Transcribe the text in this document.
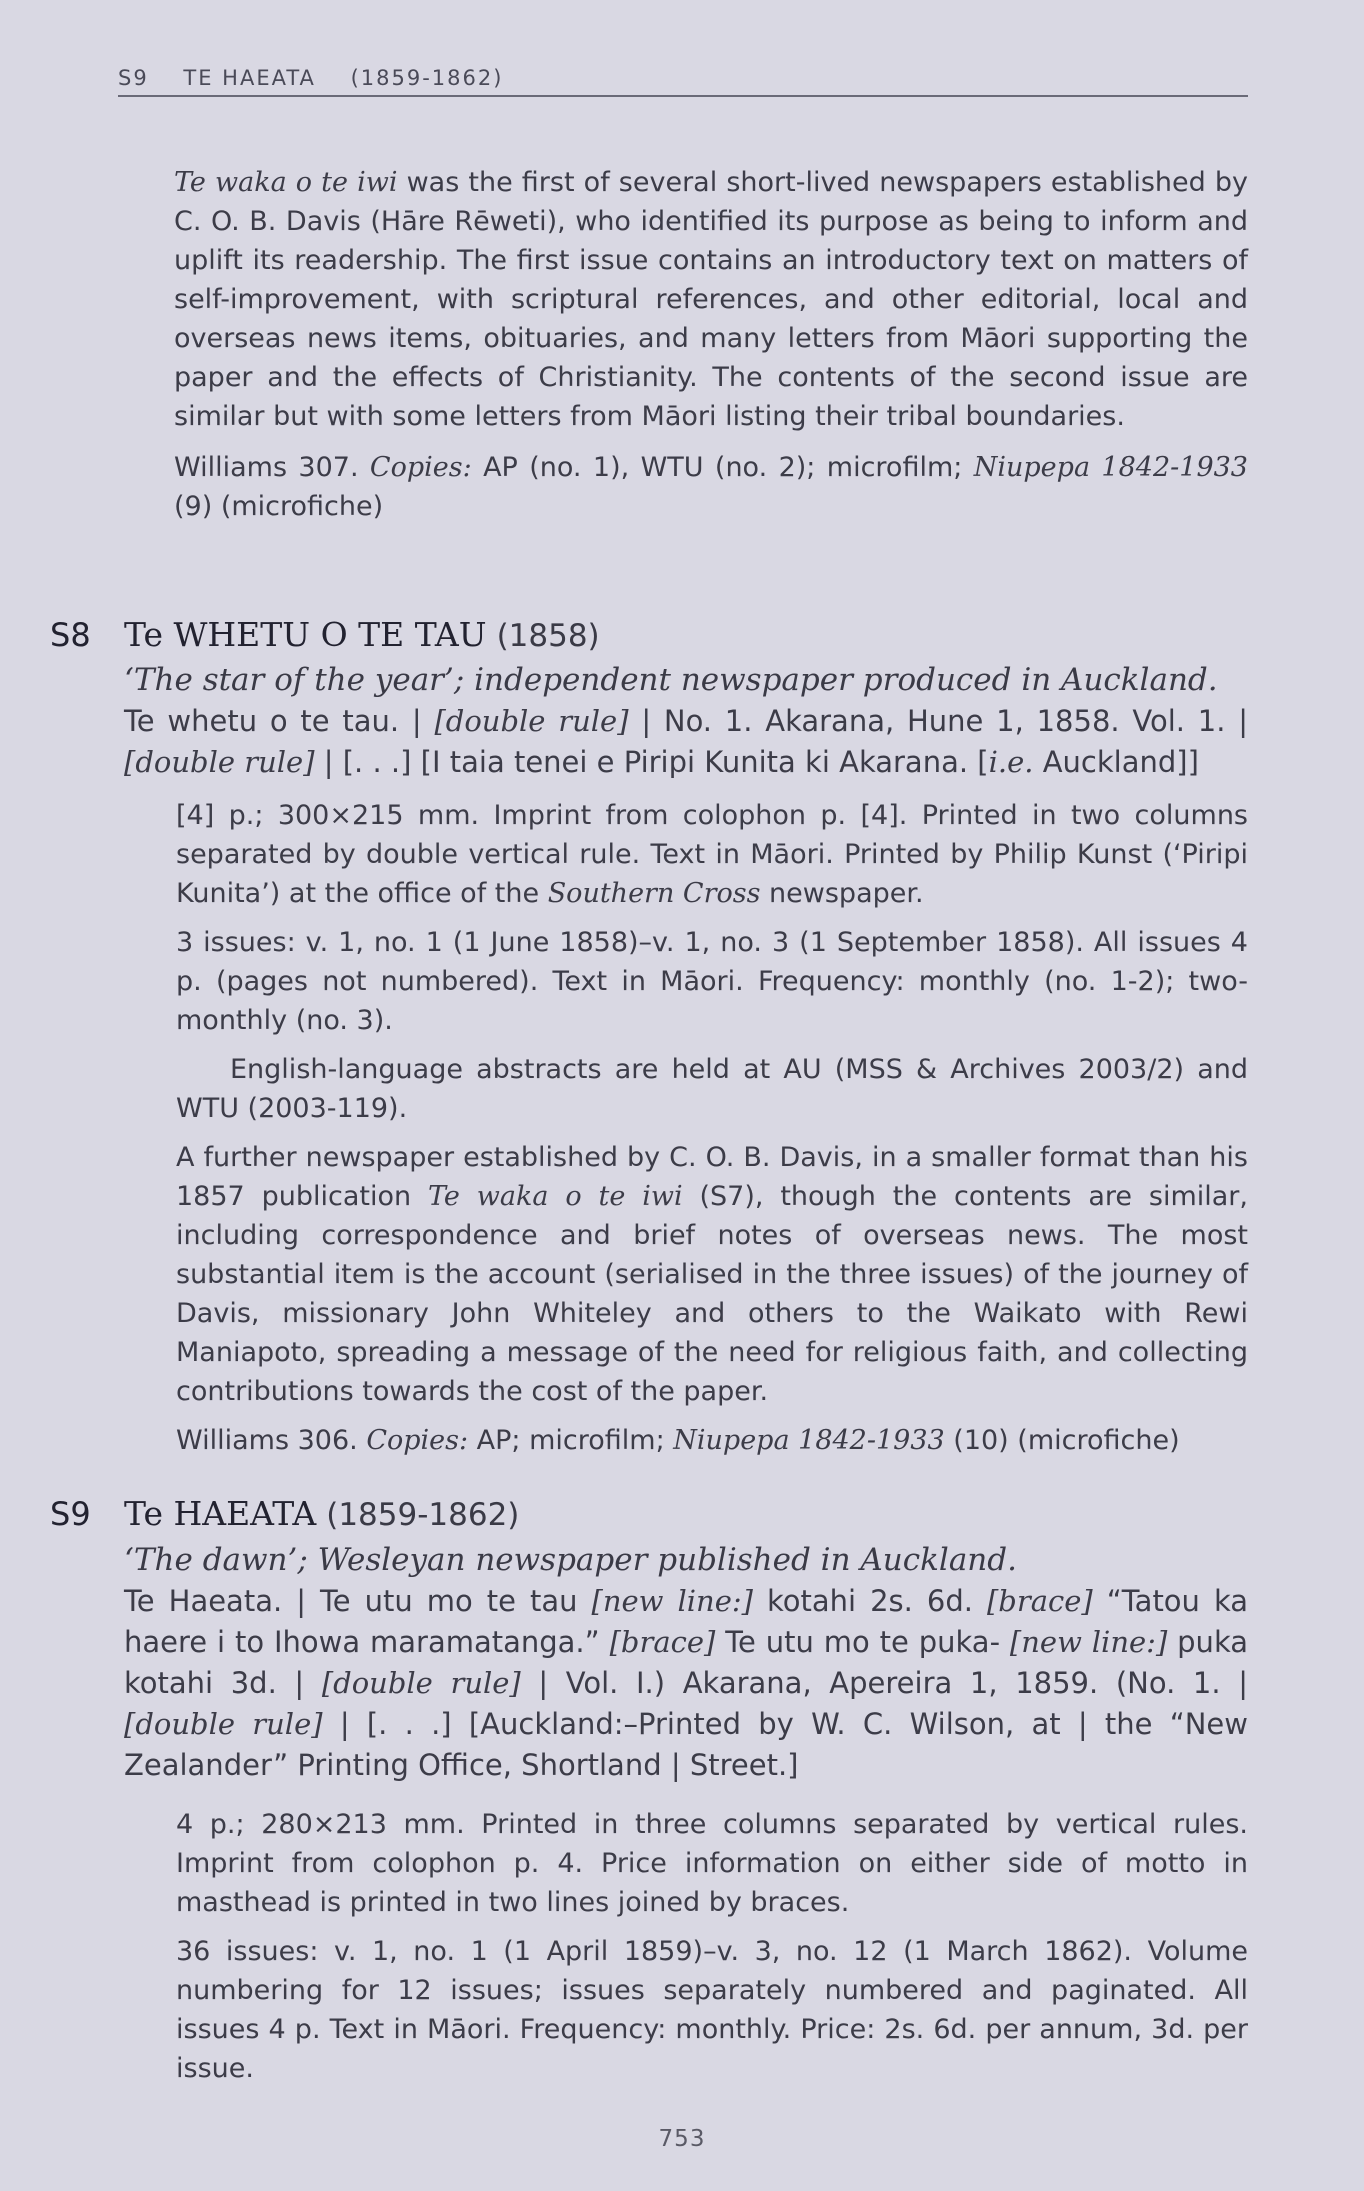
S9 TE HAEATA (1859-1862)

Te waka o te iwi was the first of several short-lived newspapers established by C. O. B. Davis (Hāre Rēweti), who identified its purpose as being to inform and uplift its readership. The first issue contains an introductory text on matters of self-improvement, with scriptural references, and other editorial, local and overseas news items, obituaries, and many letters from Māori supporting the paper and the effects of Christianity. The contents of the second issue are similar but with some letters from Māori listing their tribal boundaries.

Williams 307. Copies: AP (no. 1), WTU (no. 2); microfilm; Niupepa 1842-1933 (9) (microfiche)

S8 Te WHETU O TE TAU (1858)

‘The star of the year’; independent newspaper produced in Auckland.

Te whetu o te tau. | [double rule] | No. 1. Akarana, Hune 1, 1858. Vol. 1. | [double rule] | [. . .] [I taia tenei e Piripi Kunita ki Akarana. [i.e. Auckland]]

[4] p.; 300×215 mm. Imprint from colophon p. [4]. Printed in two columns separated by double vertical rule. Text in Māori. Printed by Philip Kunst (‘Piripi Kunita’) at the office of the Southern Cross newspaper.

3 issues: v. 1, no. 1 (1 June 1858)–v. 1, no. 3 (1 September 1858). All issues 4 p. (pages not numbered). Text in Māori. Frequency: monthly (no. 1-2); two-monthly (no. 3).

English-language abstracts are held at AU (MSS & Archives 2003/2) and WTU (2003-119).

A further newspaper established by C. O. B. Davis, in a smaller format than his 1857 publication Te waka o te iwi (S7), though the contents are similar, including correspondence and brief notes of overseas news. The most substantial item is the account (serialised in the three issues) of the journey of Davis, missionary John Whiteley and others to the Waikato with Rewi Maniapoto, spreading a message of the need for religious faith, and collecting contributions towards the cost of the paper.

Williams 306. Copies: AP; microfilm; Niupepa 1842-1933 (10) (microfiche)

S9 Te HAEATA (1859-1862)

‘The dawn’; Wesleyan newspaper published in Auckland.

Te Haeata. | Te utu mo te tau [new line:] kotahi 2s. 6d. [brace] “Tatou ka haere i to Ihowa maramatanga.” [brace] Te utu mo te puka- [new line:] puka kotahi 3d. | [double rule] | Vol. I.) Akarana, Apereira 1, 1859. (No. 1. | [double rule] | [. . .] [Auckland:–Printed by W. C. Wilson, at | the “New Zealander” Printing Office, Shortland | Street.]

4 p.; 280×213 mm. Printed in three columns separated by vertical rules. Imprint from colophon p. 4. Price information on either side of motto in masthead is printed in two lines joined by braces.

36 issues: v. 1, no. 1 (1 April 1859)–v. 3, no. 12 (1 March 1862). Volume numbering for 12 issues; issues separately numbered and paginated. All issues 4 p. Text in Māori. Frequency: monthly. Price: 2s. 6d. per annum, 3d. per issue.

753
